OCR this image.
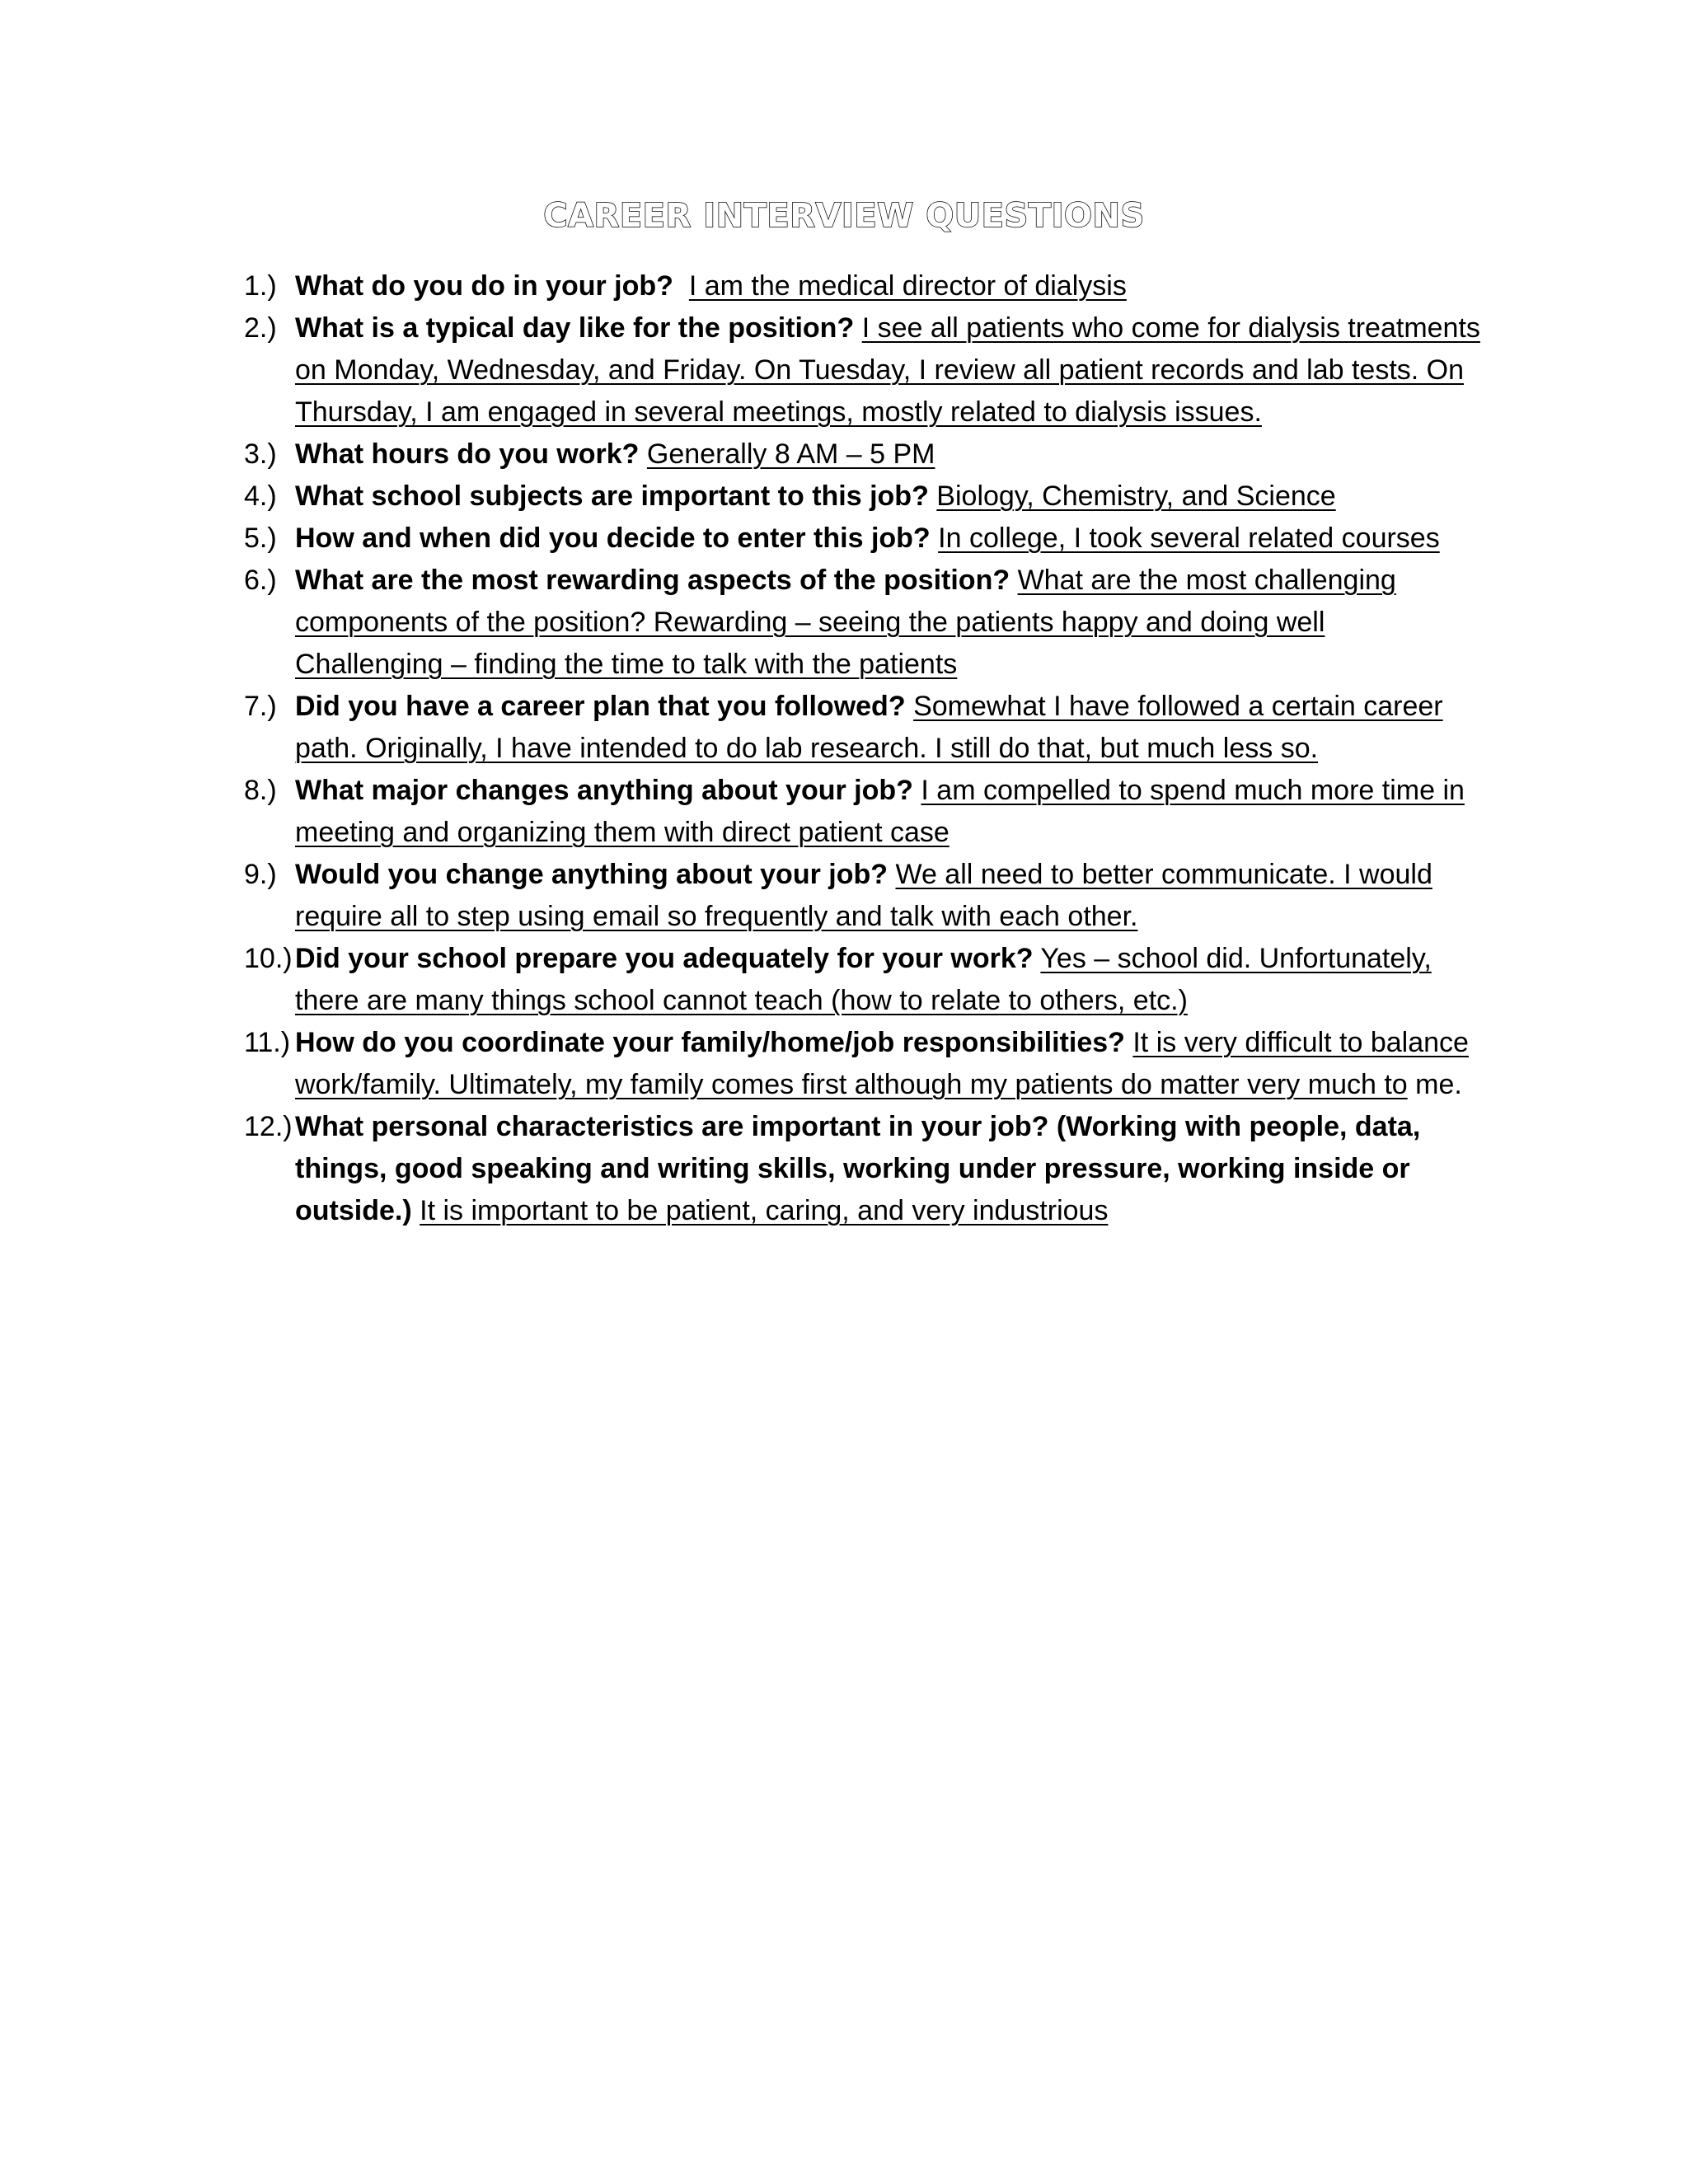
CAREER INTERVIEW QUESTIONS
1.) What do you do in your job? I am the medical director of dialysis
2.) What is a typical day like for the position? I see all patients who come for dialysis treatments on Monday, Wednesday, and Friday. On Tuesday, I review all patient records and lab tests. On Thursday, I am engaged in several meetings, mostly related to dialysis issues.
3.) What hours do you work? Generally 8 AM – 5 PM
4.) What school subjects are important to this job? Biology, Chemistry, and Science
5.) How and when did you decide to enter this job? In college, I took several related courses
6.) What are the most rewarding aspects of the position? What are the most challenging components of the position? Rewarding – seeing the patients happy and doing well Challenging – finding the time to talk with the patients
7.) Did you have a career plan that you followed? Somewhat I have followed a certain career path. Originally, I have intended to do lab research. I still do that, but much less so.
8.) What major changes anything about your job? I am compelled to spend much more time in meeting and organizing them with direct patient case
9.) Would you change anything about your job? We all need to better communicate. I would require all to step using email so frequently and talk with each other.
10.) Did your school prepare you adequately for your work? Yes – school did. Unfortunately, there are many things school cannot teach (how to relate to others, etc.)
11.) How do you coordinate your family/home/job responsibilities? It is very difficult to balance work/family. Ultimately, my family comes first although my patients do matter very much to me.
12.) What personal characteristics are important in your job? (Working with people, data, things, good speaking and writing skills, working under pressure, working inside or outside.) It is important to be patient, caring, and very industrious
